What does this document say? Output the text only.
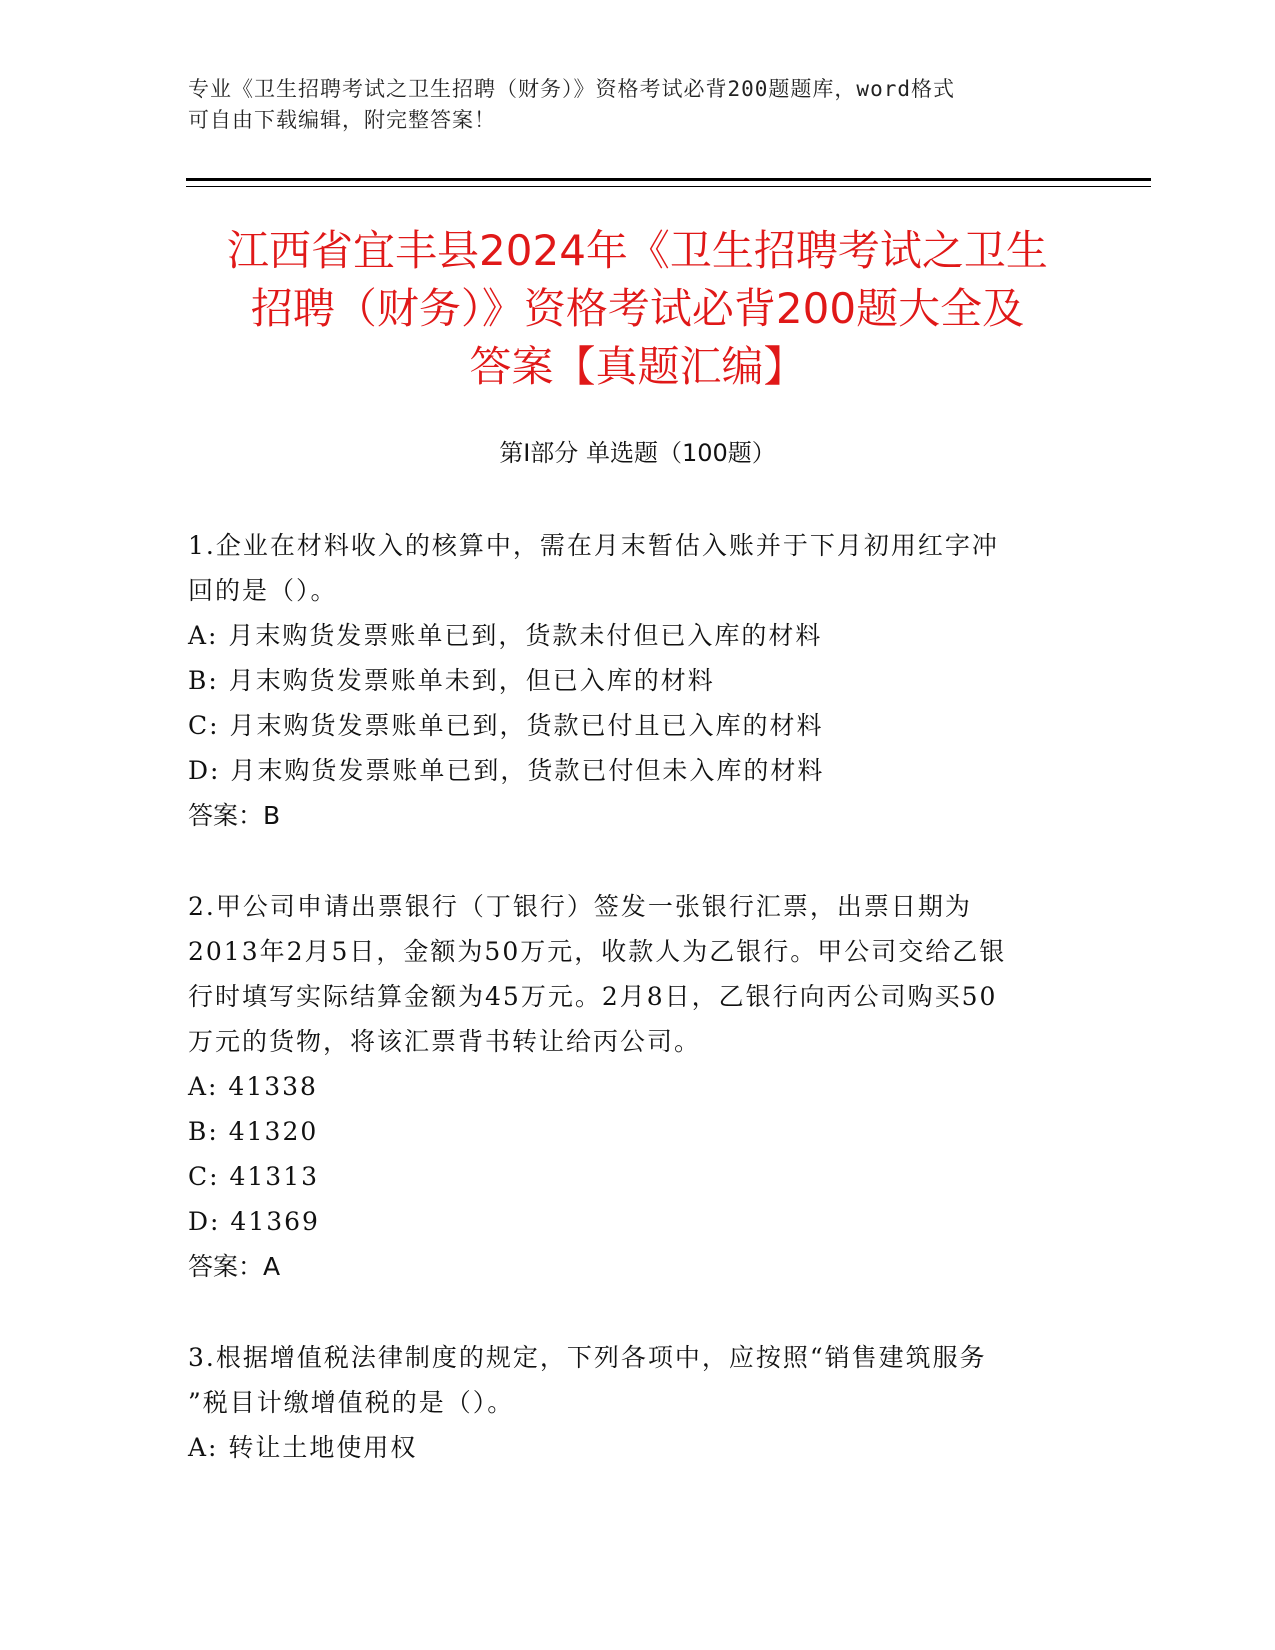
专业《卫生招聘考试之卫生招聘（财务）》资格考试必背200题题库，word格式
可自由下载编辑，附完整答案！
江西省宜丰县2024年《卫生招聘考试之卫生
招聘（财务）》资格考试必背200题大全及
答案【真题汇编】
第I部分 单选题（100题）

1.企业在材料收入的核算中，需在月末暂估入账并于下月初用红字冲

回的是（）。

A: 月末购货发票账单已到，货款未付但已入库的材料

B: 月末购货发票账单未到，但已入库的材料

C: 月末购货发票账单已到，货款已付且已入库的材料

D: 月末购货发票账单已到，货款已付但未入库的材料

答案：B

2.甲公司申请出票银行（丁银行）签发一张银行汇票，出票日期为

2013年2月5日，金额为50万元，收款人为乙银行。甲公司交给乙银

行时填写实际结算金额为45万元。2月8日，乙银行向丙公司购买50

万元的货物，将该汇票背书转让给丙公司。

A: 41338

B: 41320

C: 41313

D: 41369

答案：A

3.根据增值税法律制度的规定，下列各项中，应按照“销售建筑服务

”税目计缴增值税的是（）。

A: 转让土地使用权
